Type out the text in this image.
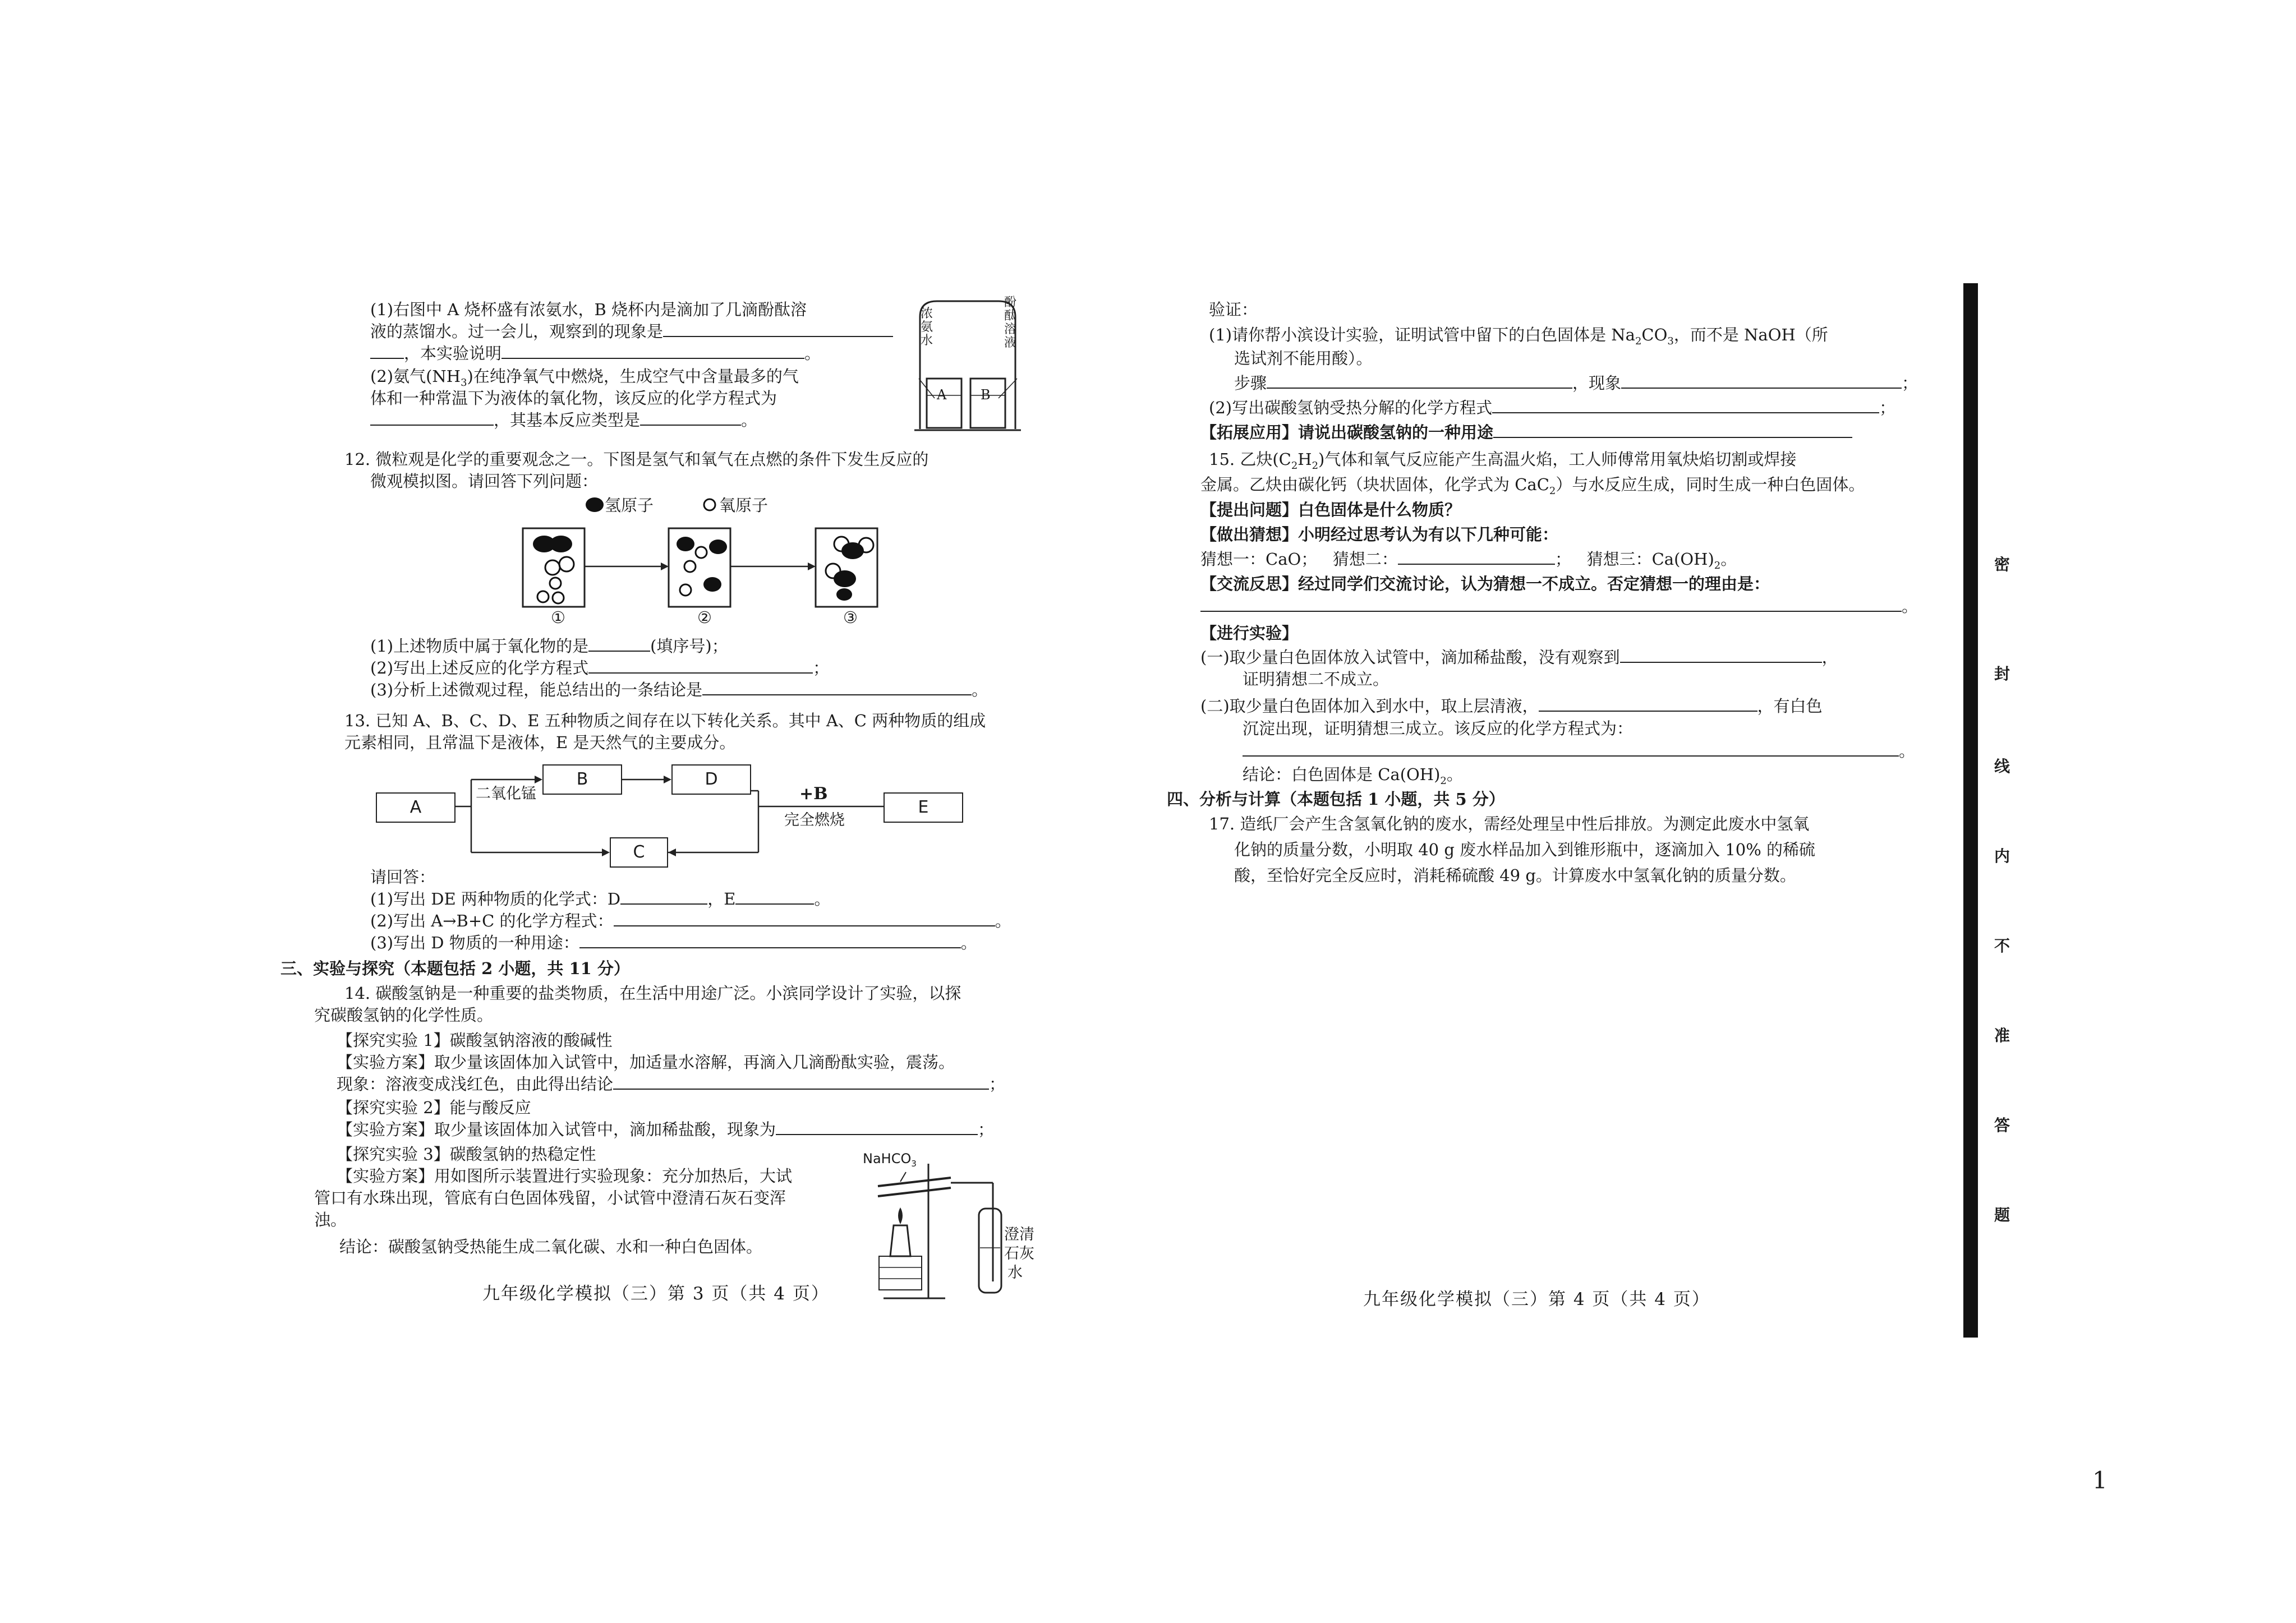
(1)右图中 A 烧杯盛有浓氨水，B 烧杯内是滴加了几滴酚酞溶
液的蒸馏水。过一会儿，观察到的现象是
，本实验说明	。
(2)氨气$(NH_3)$在纯净氧气中燃烧，生成空气中含量最多的气
体和一种常温下为液体的氧化物，该反应的化学方程式为
，其基本反应类型是	。
浓氨水
酚酞溶液
A	B
12. 微粒观是化学的重要观念之一。下图是氢气和氧气在点燃的条件下发生反应的
微观模拟图。请回答下列问题：
氢原子	氧原子
①	②	③
(1)上述物质中属于氧化物的是	(填序号)；
(2)写出上述反应的化学方程式	；
(3)分析上述微观过程，能总结出的一条结论是	。
13. 已知 A、B、C、D、E 五种物质之间存在以下转化关系。其中 A、C 两种物质的组成
元素相同，且常温下是液体，E 是天然气的主要成分。
A
B	D
C
E
二氧化锰	+B
完全燃烧
请回答：
(1)写出 DE 两种物质的化学式：D	，E	。
(2)写出 A→B+C 的化学方程式：	。
(3)写出 D 物质的一种用途：	。
三、实验与探究（本题包括 2 小题，共 11 分）
14. 碳酸氢钠是一种重要的盐类物质，在生活中用途广泛。小滨同学设计了实验，以探
究碳酸氢钠的化学性质。
【探究实验 1】碳酸氢钠溶液的酸碱性
【实验方案】取少量该固体加入试管中，加适量水溶解，再滴入几滴酚酞实验，震荡。
现象：溶液变成浅红色，由此得出结论	；
【探究实验 2】能与酸反应
【实验方案】取少量该固体加入试管中，滴加稀盐酸，现象为	；
【探究实验 3】碳酸氢钠的热稳定性
【实验方案】用如图所示装置进行实验现象：充分加热后，大试
管口有水珠出现，管底有白色固体残留，小试管中澄清石灰石变浑
浊。
结论：碳酸氢钠受热能生成二氧化碳、水和一种白色固体。
NaHCO$_3$
澄清
石灰
水
九年级化学模拟（三）第 3 页（共 4 页）
验证：
(1)请你帮小滨设计实验，证明试管中留下的白色固体是 $Na_2CO_3$，而不是 NaOH（所
选试剂不能用酸）。
步骤	，现象	；
(2)写出碳酸氢钠受热分解的化学方程式	；
【拓展应用】请说出碳酸氢钠的一种用途
15. 乙炔$(C_2H_2)$气体和氧气反应能产生高温火焰，工人师傅常用氧炔焰切割或焊接
金属。乙炔由碳化钙（块状固体，化学式为 CaC$_2$）与水反应生成，同时生成一种白色固体。
【提出问题】白色固体是什么物质？
【做出猜想】小明经过思考认为有以下几种可能：
猜想一：CaO； 猜想二：	；   猜想三：$Ca(OH)_2$。
【交流反思】经过同学们交流讨论，认为猜想一不成立。否定猜想一的理由是：
。
【进行实验】
(一)取少量白色固体放入试管中，滴加稀盐酸，没有观察到	，
证明猜想二不成立。
(二)取少量白色固体加入到水中，取上层清液，	，有白色
沉淀出现，证明猜想三成立。该反应的化学方程式为：
。
结论：白色固体是 $Ca(OH)_2$。
四、分析与计算（本题包括 1 小题，共 5 分）
17. 造纸厂会产生含氢氧化钠的废水，需经处理呈中性后排放。为测定此废水中氢氧
化钠的质量分数，小明取 40 g 废水样品加入到锥形瓶中，逐滴加入 10% 的稀硫
酸，至恰好完全反应时，消耗稀硫酸 49 g。计算废水中氢氧化钠的质量分数。
九年级化学模拟（三）第 4 页（共 4 页）
密
封
线
内
不
准
答
题
1
